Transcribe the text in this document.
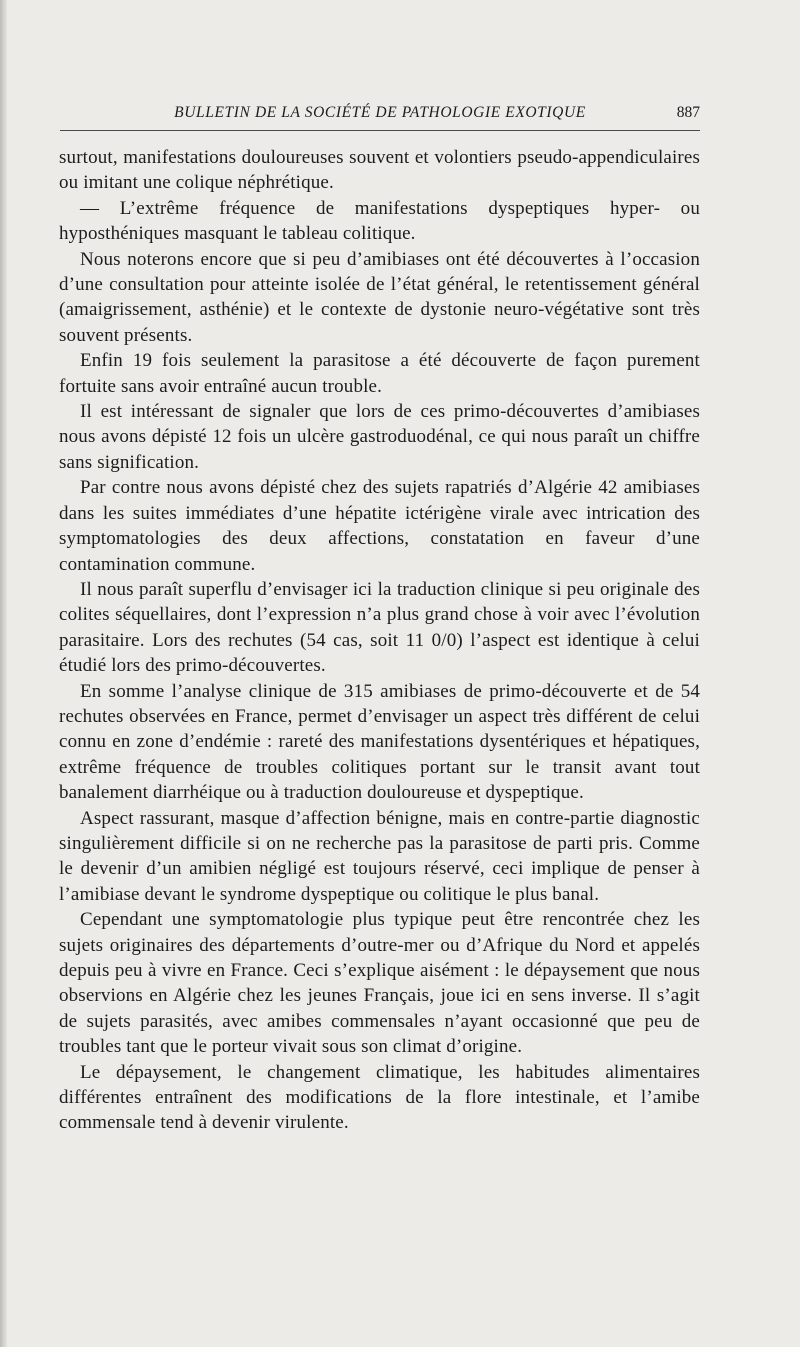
BULLETIN DE LA SOCIÉTÉ DE PATHOLOGIE EXOTIQUE	887

surtout, manifestations douloureuses souvent et volontiers pseudo-appendiculaires ou imitant une colique néphrétique.

— L’extrême fréquence de manifestations dyspeptiques hyper- ou hyposthéniques masquant le tableau colitique.

Nous noterons encore que si peu d’amibiases ont été découvertes à l’occasion d’une consultation pour atteinte isolée de l’état général, le retentissement général (amaigrissement, asthénie) et le contexte de dystonie neuro-végétative sont très souvent présents.

Enfin 19 fois seulement la parasitose a été découverte de façon purement fortuite sans avoir entraîné aucun trouble.

Il est intéressant de signaler que lors de ces primo-découvertes d’amibiases nous avons dépisté 12 fois un ulcère gastroduodénal, ce qui nous paraît un chiffre sans signification.

Par contre nous avons dépisté chez des sujets rapatriés d’Algérie 42 amibiases dans les suites immédiates d’une hépatite ictérigène virale avec intrication des symptomatologies des deux affections, constatation en faveur d’une contamination commune.

Il nous paraît superflu d’envisager ici la traduction clinique si peu originale des colites séquellaires, dont l’expression n’a plus grand chose à voir avec l’évolution parasitaire. Lors des rechutes (54 cas, soit 11 0/0) l’aspect est identique à celui étudié lors des primo-découvertes.

En somme l’analyse clinique de 315 amibiases de primo-découverte et de 54 rechutes observées en France, permet d’envisager un aspect très différent de celui connu en zone d’endémie : rareté des manifestations dysentériques et hépatiques, extrême fréquence de troubles colitiques portant sur le transit avant tout banalement diarrhéique ou à traduction douloureuse et dyspeptique.

Aspect rassurant, masque d’affection bénigne, mais en contre-partie diagnostic singulièrement difficile si on ne recherche pas la parasitose de parti pris. Comme le devenir d’un amibien négligé est toujours réservé, ceci implique de penser à l’amibiase devant le syndrome dyspeptique ou colitique le plus banal.

Cependant une symptomatologie plus typique peut être rencontrée chez les sujets originaires des départements d’outre-mer ou d’Afrique du Nord et appelés depuis peu à vivre en France. Ceci s’explique aisément : le dépaysement que nous observions en Algérie chez les jeunes Français, joue ici en sens inverse. Il s’agit de sujets parasités, avec amibes commensales n’ayant occasionné que peu de troubles tant que le porteur vivait sous son climat d’origine.

Le dépaysement, le changement climatique, les habitudes alimentaires différentes entraînent des modifications de la flore intestinale, et l’amibe commensale tend à devenir virulente.
